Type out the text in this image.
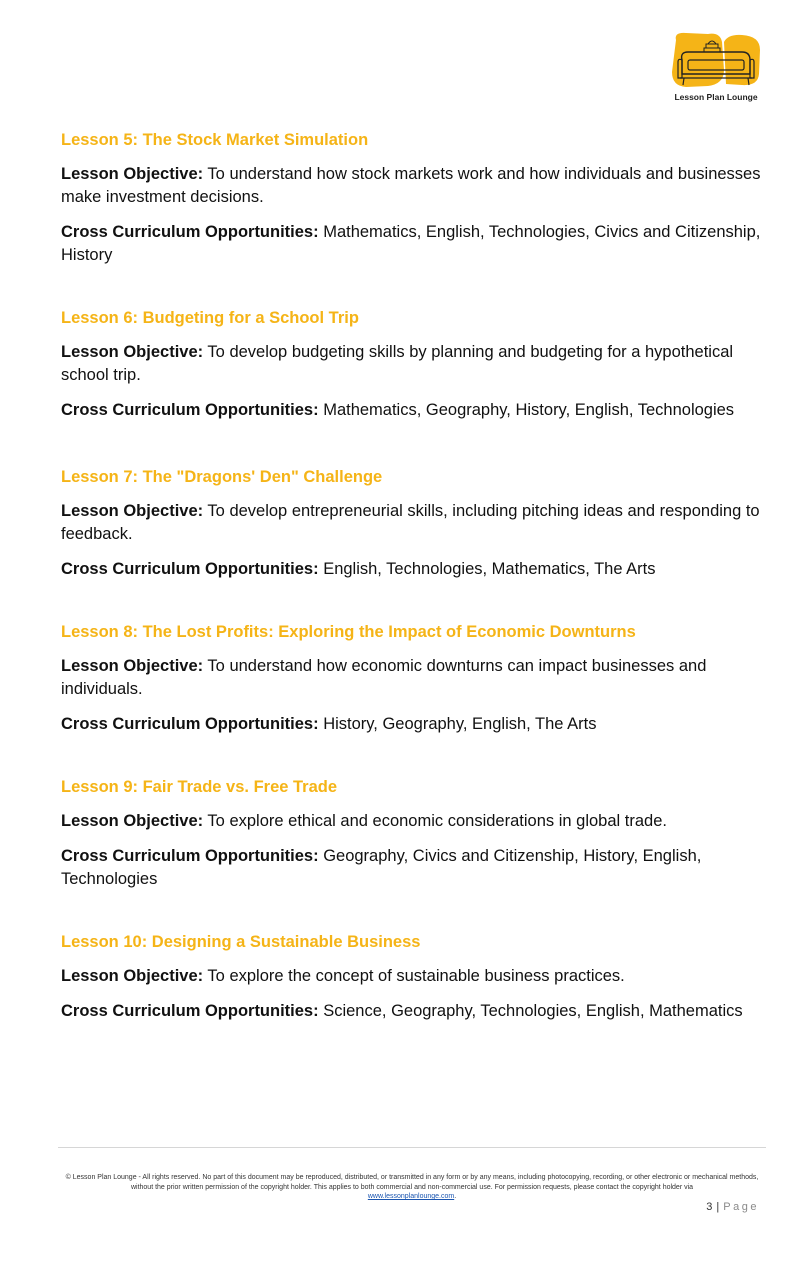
Lesson Plan Lounge
Lesson 5: The Stock Market Simulation
Lesson Objective: To understand how stock markets work and how individuals and businesses make investment decisions.
Cross Curriculum Opportunities: Mathematics, English, Technologies, Civics and Citizenship, History
Lesson 6: Budgeting for a School Trip
Lesson Objective: To develop budgeting skills by planning and budgeting for a hypothetical school trip.
Cross Curriculum Opportunities: Mathematics, Geography, History, English, Technologies
Lesson 7: The "Dragons' Den" Challenge
Lesson Objective: To develop entrepreneurial skills, including pitching ideas and responding to feedback.
Cross Curriculum Opportunities: English, Technologies, Mathematics, The Arts
Lesson 8: The Lost Profits: Exploring the Impact of Economic Downturns
Lesson Objective: To understand how economic downturns can impact businesses and individuals.
Cross Curriculum Opportunities: History, Geography, English, The Arts
Lesson 9: Fair Trade vs. Free Trade
Lesson Objective: To explore ethical and economic considerations in global trade.
Cross Curriculum Opportunities: Geography, Civics and Citizenship, History, English, Technologies
Lesson 10: Designing a Sustainable Business
Lesson Objective: To explore the concept of sustainable business practices.
Cross Curriculum Opportunities: Science, Geography, Technologies, English, Mathematics
© Lesson Plan Lounge - All rights reserved. No part of this document may be reproduced, distributed, or transmitted in any form or by any means, including photocopying, recording, or other electronic or mechanical methods, without the prior written permission of the copyright holder. This applies to both commercial and non-commercial use. For permission requests, please contact the copyright holder via
www.lessonplanlounge.com.
3 | Page
